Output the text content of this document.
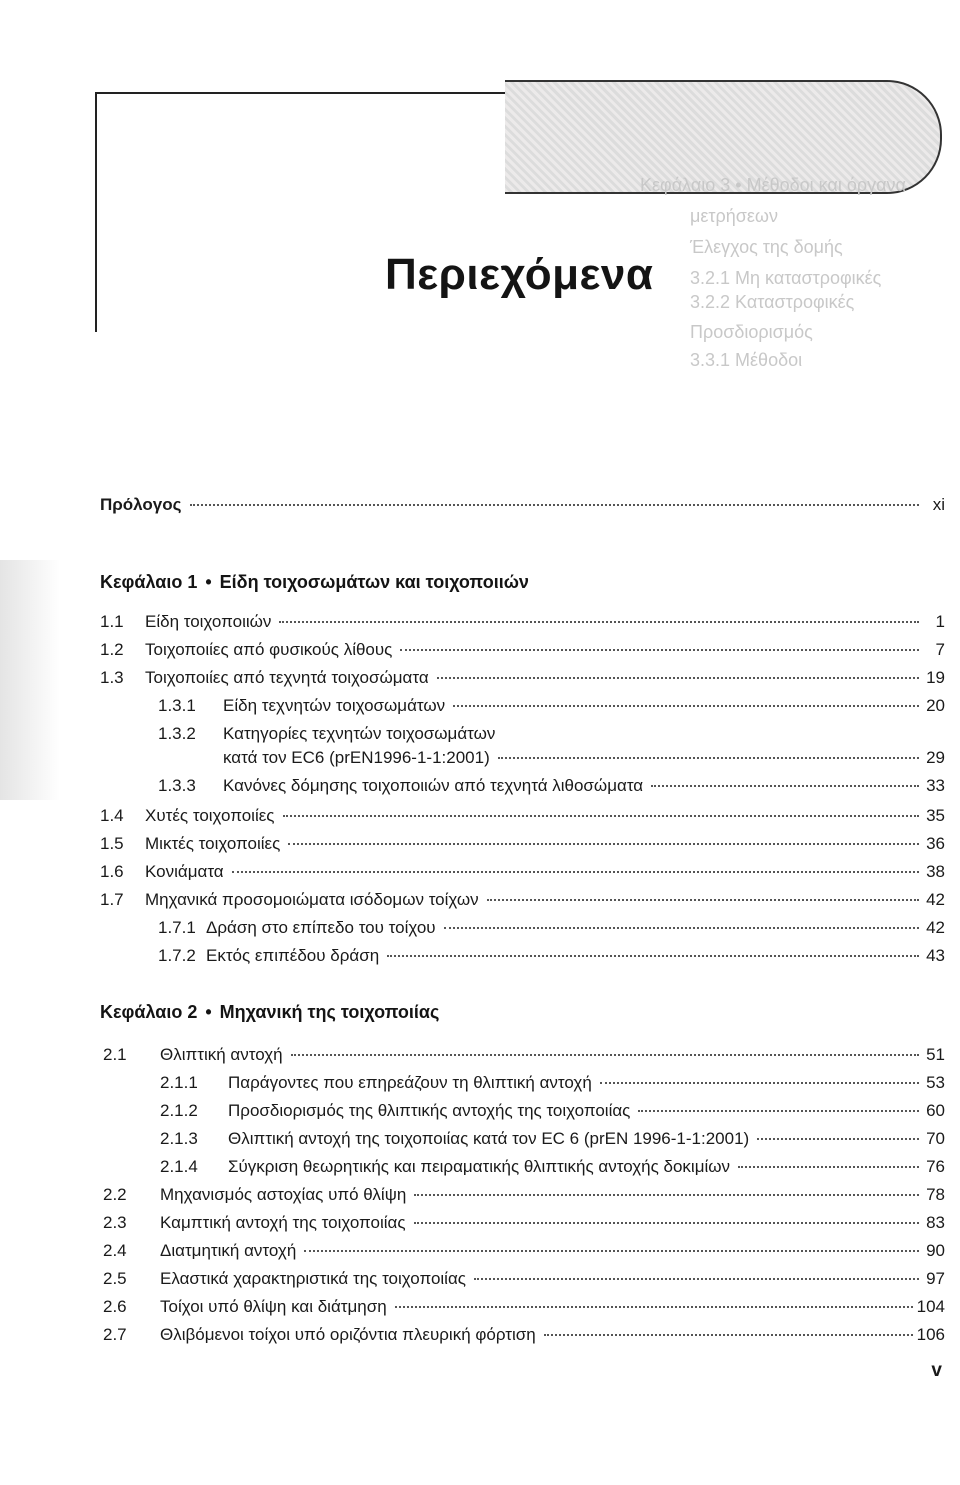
Κεφάλαιο 3 • Μέθοδοι και όργανα
μετρήσεων
Έλεγχος της δομής
3.2.1 Μη καταστροφικές
3.2.2 Καταστροφικές
Προσδιορισμός
3.3.1 Μέθοδοι
Περιεχόμενα
Πρόλογος	xi
Κεφάλαιο 1 • Είδη τοιχοσωμάτων και τοιχοποιιών
1.1	Είδη τοιχοποιιών	1
1.2	Τοιχοποιίες από φυσικούς λίθους	7
1.3	Τοιχοποιίες από τεχνητά τοιχοσώματα	19
1.3.1	Είδη τεχνητών τοιχοσωμάτων	20
1.3.2	Κατηγορίες τεχνητών τοιχοσωμάτων
κατά τον EC6 (prEN1996-1-1:2001)	29
1.3.3	Κανόνες δόμησης τοιχοποιιών από τεχνητά λιθοσώματα	33
1.4	Χυτές τοιχοποιίες	35
1.5	Μικτές τοιχοποιίες	36
1.6	Κονιάματα	38
1.7	Μηχανικά προσομοιώματα ισόδομων τοίχων	42
1.7.1 Δράση στο επίπεδο του τοίχου	42
1.7.2 Εκτός επιπέδου δράση	43
Κεφάλαιο 2 • Μηχανική της τοιχοποιίας
2.1	Θλιπτική αντοχή	51
2.1.1	Παράγοντες που επηρεάζουν τη θλιπτική αντοχή	53
2.1.2	Προσδιορισμός της θλιπτικής αντοχής της τοιχοποιίας	60
2.1.3	Θλιπτική αντοχή της τοιχοποιίας κατά τον EC 6 (prEN 1996-1-1:2001)	70
2.1.4	Σύγκριση θεωρητικής και πειραματικής θλιπτικής αντοχής δοκιμίων	76
2.2	Μηχανισμός αστοχίας υπό θλίψη	78
2.3	Καμπτική αντοχή της τοιχοποιίας	83
2.4	Διατμητική αντοχή	90
2.5	Ελαστικά χαρακτηριστικά της τοιχοποιίας	97
2.6	Τοίχοι υπό θλίψη και διάτμηση	104
2.7	Θλιβόμενοι τοίχοι υπό οριζόντια πλευρική φόρτιση	106
v
